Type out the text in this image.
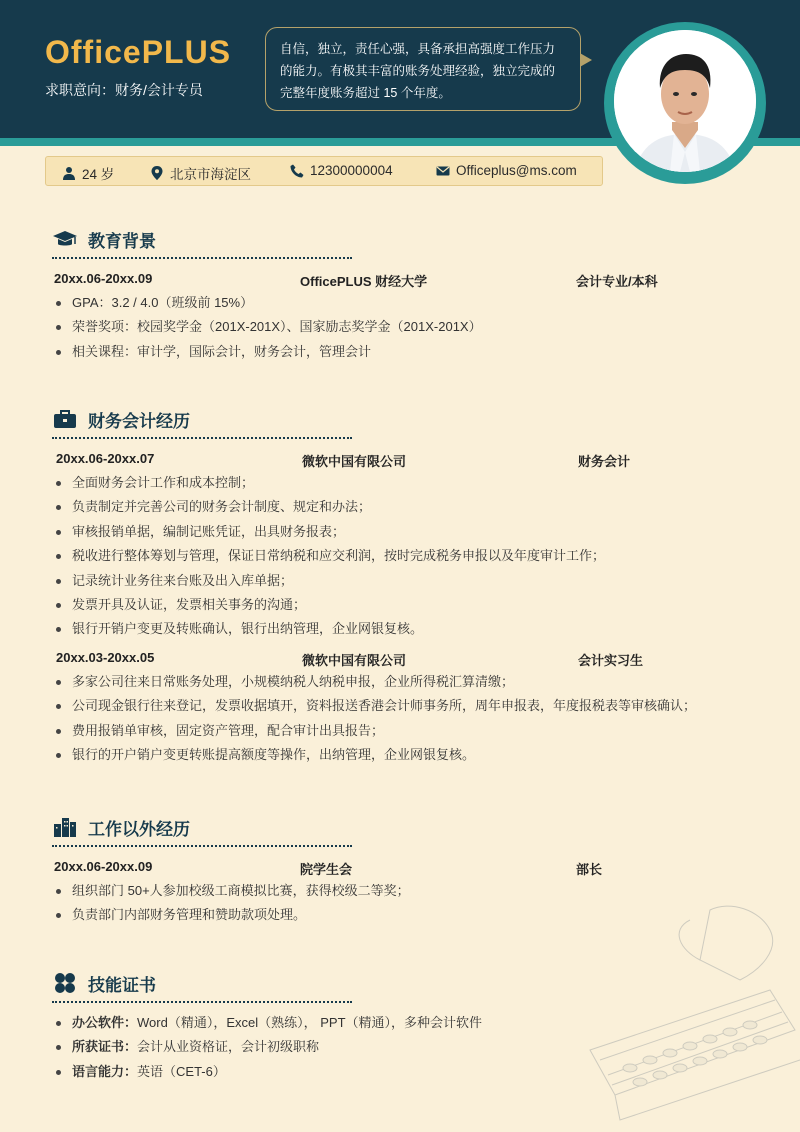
OfficePLUS
求职意向：财务/会计专员
自信，独立，责任心强，具备承担高强度工作压力的能力。有极其丰富的账务处理经验，独立完成的完整年度账务超过 15 个年度。
24 岁	北京市海淀区	12300000004	Officeplus@ms.com
教育背景
20xx.06-20xx.09	OfficePLUS 财经大学	会计专业/本科
GPA：3.2 / 4.0（班级前 15%）
荣誉奖项：校园奖学金（201X-201X）、国家励志奖学金（201X-201X）
相关课程：审计学，国际会计，财务会计，管理会计
财务会计经历
20xx.06-20xx.07	微软中国有限公司	财务会计
全面财务会计工作和成本控制；
负责制定并完善公司的财务会计制度、规定和办法；
审核报销单据，编制记账凭证，出具财务报表；
税收进行整体筹划与管理，保证日常纳税和应交利润，按时完成税务申报以及年度审计工作；
记录统计业务往来台账及出入库单据；
发票开具及认证，发票相关事务的沟通；
银行开销户变更及转账确认，银行出纳管理，企业网银复核。
20xx.03-20xx.05	微软中国有限公司	会计实习生
多家公司往来日常账务处理，小规模纳税人纳税申报，企业所得税汇算清缴；
公司现金银行往来登记，发票收据填开，资料报送香港会计师事务所，周年申报表，年度报税表等审核确认；
费用报销单审核，固定资产管理，配合审计出具报告；
银行的开户销户变更转账提高额度等操作，出纳管理，企业网银复核。
工作以外经历
20xx.06-20xx.09	院学生会	部长
组织部门 50+人参加校级工商模拟比赛，获得校级二等奖；
负责部门内部财务管理和赞助款项处理。
技能证书
办公软件：Word（精通），Excel（熟练）， PPT（精通），多种会计软件
所获证书：会计从业资格证，会计初级职称
语言能力：英语（CET-6）
